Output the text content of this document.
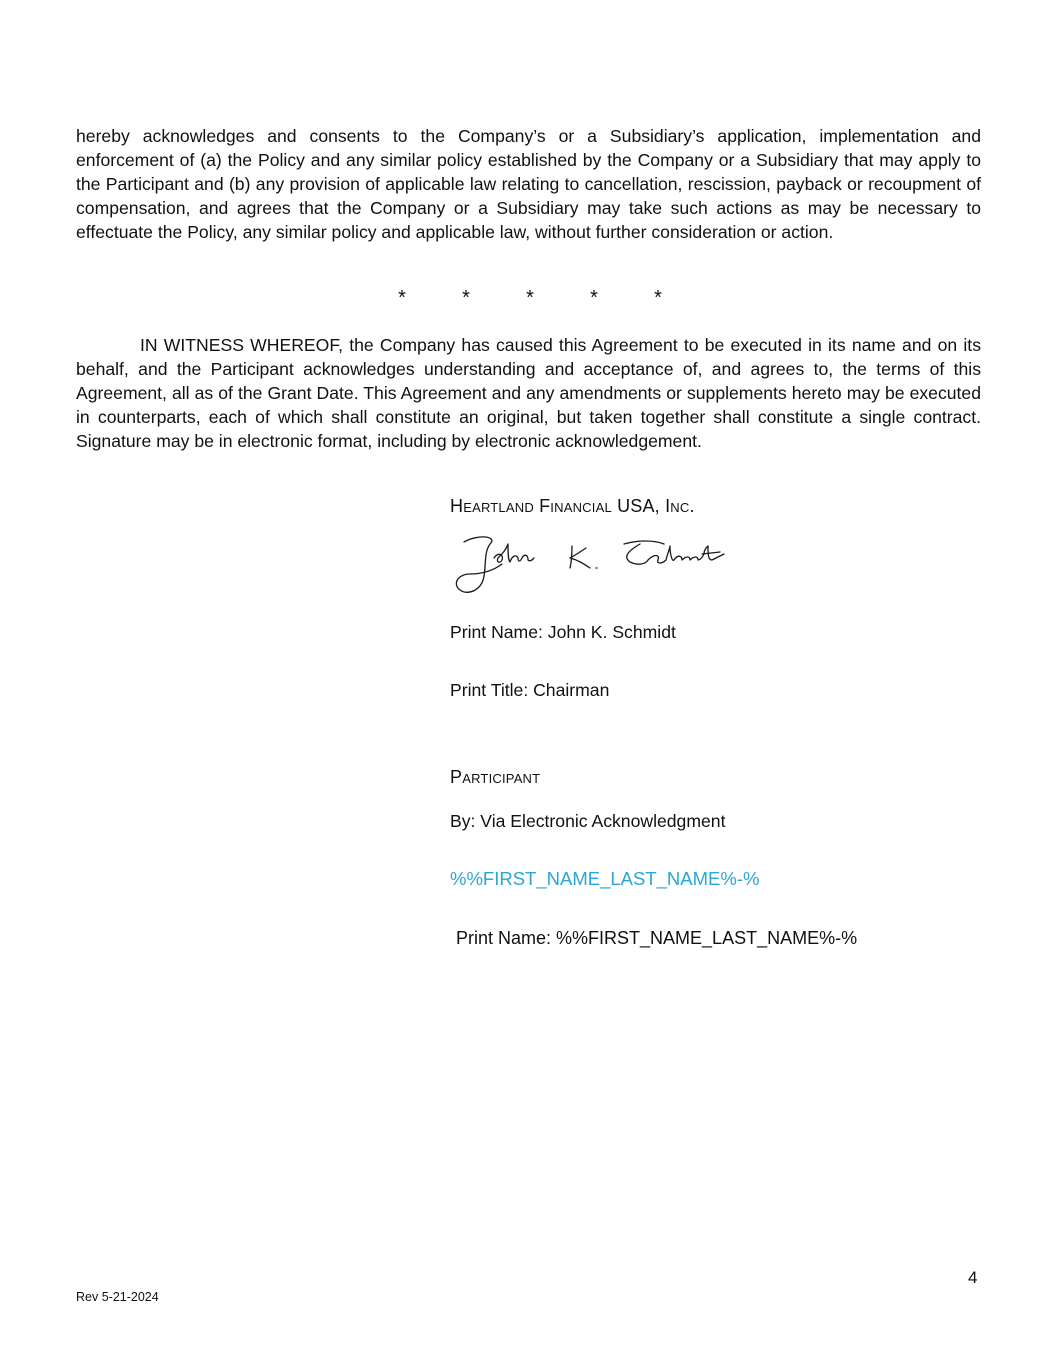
hereby acknowledges and consents to the Company’s or a Subsidiary’s application, implementation and enforcement of (a) the Policy and any similar policy established by the Company or a Subsidiary that may apply to the Participant and (b) any provision of applicable law relating to cancellation, rescission, payback or recoupment of compensation, and agrees that the Company or a Subsidiary may take such actions as may be necessary to effectuate the Policy, any similar policy and applicable law, without further consideration or action.

*	*	*	*	*

IN WITNESS WHEREOF, the Company has caused this Agreement to be executed in its name and on its behalf, and the Participant acknowledges understanding and acceptance of, and agrees to, the terms of this Agreement, all as of the Grant Date. This Agreement and any amendments or supplements hereto may be executed in counterparts, each of which shall constitute an original, but taken together shall constitute a single contract. Signature may be in electronic format, including by electronic acknowledgement.

Heartland Financial USA, Inc.
Print Name: John K. Schmidt
Print Title: Chairman
Participant
By: Via Electronic Acknowledgment
%%FIRST_NAME_LAST_NAME%-%
Print Name: %%FIRST_NAME_LAST_NAME%-%
4
Rev 5-21-2024
